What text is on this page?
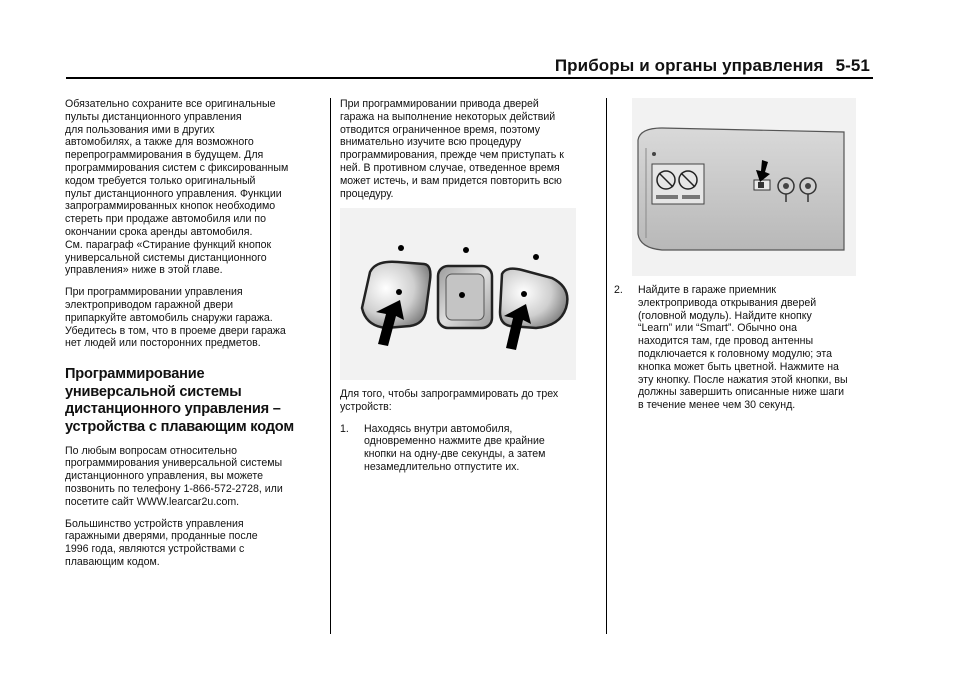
Приборы и органы управления 5-51

Обязательно сохраните все оригинальные
пульты дистанционного управления
для пользования ими в других
автомобилях, а также для возможного
перепрограммирования в будущем. Для
программирования систем с фиксированным
кодом требуется только оригинальный
пульт дистанционного управления. Функции
запрограммированных кнопок необходимо
стереть при продаже автомобиля или по
окончании срока аренды автомобиля.
См. параграф «Стирание функций кнопок
универсальной системы дистанционного
управления» ниже в этой главе.

При программировании управления
электроприводом гаражной двери
припаркуйте автомобиль снаружи гаража.
Убедитесь в том, что в проеме двери гаража
нет людей или посторонних предметов.

Программирование
универсальной системы
дистанционного управления –
устройства с плавающим кодом

По любым вопросам относительно
программирования универсальной системы
дистанционного управления, вы можете
позвонить по телефону 1-866-572-2728, или
посетите сайт WWW.learcar2u.com.

Большинство устройств управления
гаражными дверями, проданные после
1996 года, являются устройствами с
плавающим кодом.

При программировании привода дверей
гаража на выполнение некоторых действий
отводится ограниченное время, поэтому
внимательно изучите всю процедуру
программирования, прежде чем приступать к
ней. В противном случае, отведенное время
может истечь, и вам придется повторить всю
процедуру.

Для того, чтобы запрограммировать до трех
устройств:

1.	Находясь внутри автомобиля,
одновременно нажмите две крайние
кнопки на одну-две секунды, а затем
незамедлительно отпустите их.
2.	Найдите в гараже приемник
электропривода открывания дверей
(головной модуль). Найдите кнопку
“Learn” или “Smart”. Обычно она
находится там, где провод антенны
подключается к головному модулю; эта
кнопка может быть цветной. Нажмите на
эту кнопку. После нажатия этой кнопки, вы
должны завершить описанные ниже шаги
в течение менее чем 30 секунд.
